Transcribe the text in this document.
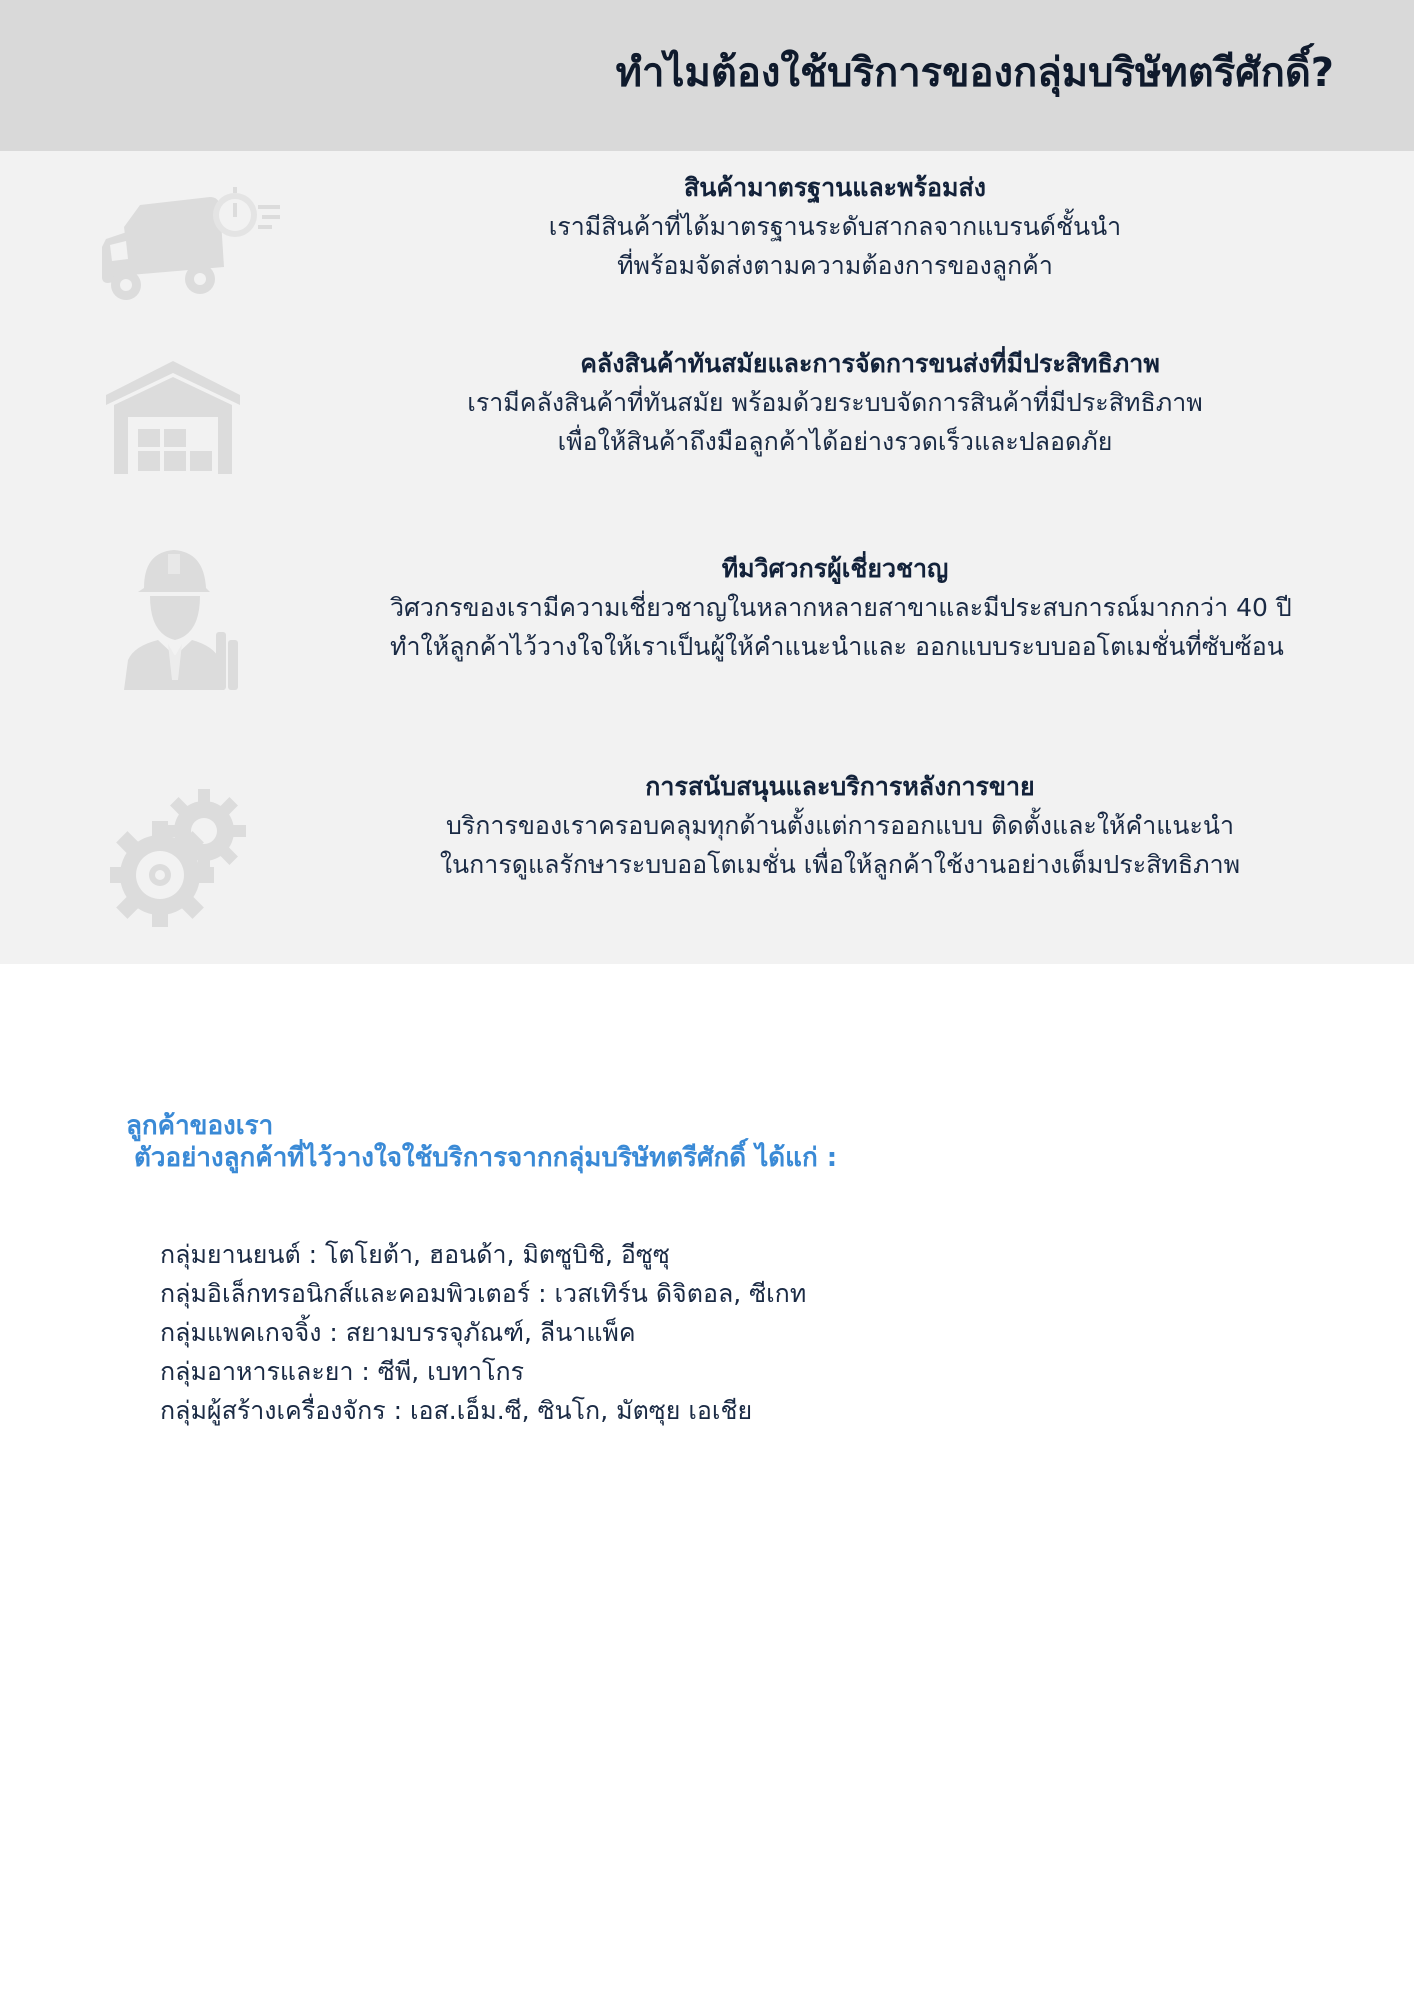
ทำไมต้องใช้บริการของกลุ่มบริษัทตรีศักดิ์?
สินค้ามาตรฐานและพร้อมส่ง
เรามีสินค้าที่ได้มาตรฐานระดับสากลจากแบรนด์ชั้นนำ
ที่พร้อมจัดส่งตามความต้องการของลูกค้า
คลังสินค้าทันสมัยและการจัดการขนส่งที่มีประสิทธิภาพ
เรามีคลังสินค้าที่ทันสมัย พร้อมด้วยระบบจัดการสินค้าที่มีประสิทธิภาพ
เพื่อให้สินค้าถึงมือลูกค้าได้อย่างรวดเร็วและปลอดภัย
ทีมวิศวกรผู้เชี่ยวชาญ
วิศวกรของเรามีความเชี่ยวชาญในหลากหลายสาขาและมีประสบการณ์มากกว่า 40 ปี
ทำให้ลูกค้าไว้วางใจให้เราเป็นผู้ให้คำแนะนำและ ออกแบบระบบออโตเมชั่นที่ซับซ้อน
การสนับสนุนและบริการหลังการขาย
บริการของเราครอบคลุมทุกด้านตั้งแต่การออกแบบ ติดตั้งและให้คำแนะนำ
ในการดูแลรักษาระบบออโตเมชั่น เพื่อให้ลูกค้าใช้งานอย่างเต็มประสิทธิภาพ
ลูกค้าของเรา
ตัวอย่างลูกค้าที่ไว้วางใจใช้บริการจากกลุ่มบริษัทตรีศักดิ์ ได้แก่ :
กลุ่มยานยนต์ : โตโยต้า, ฮอนด้า, มิตซูบิชิ, อีซูซุ
กลุ่มอิเล็กทรอนิกส์และคอมพิวเตอร์ : เวสเทิร์น ดิจิตอล, ซีเกท
กลุ่มแพคเกจจิ้ง : สยามบรรจุภัณฑ์, ลีนาแพ็ค
กลุ่มอาหารและยา : ซีพี, เบทาโกร
กลุ่มผู้สร้างเครื่องจักร : เอส.เอ็ม.ซี, ซินโก, มัตซุย เอเชีย
